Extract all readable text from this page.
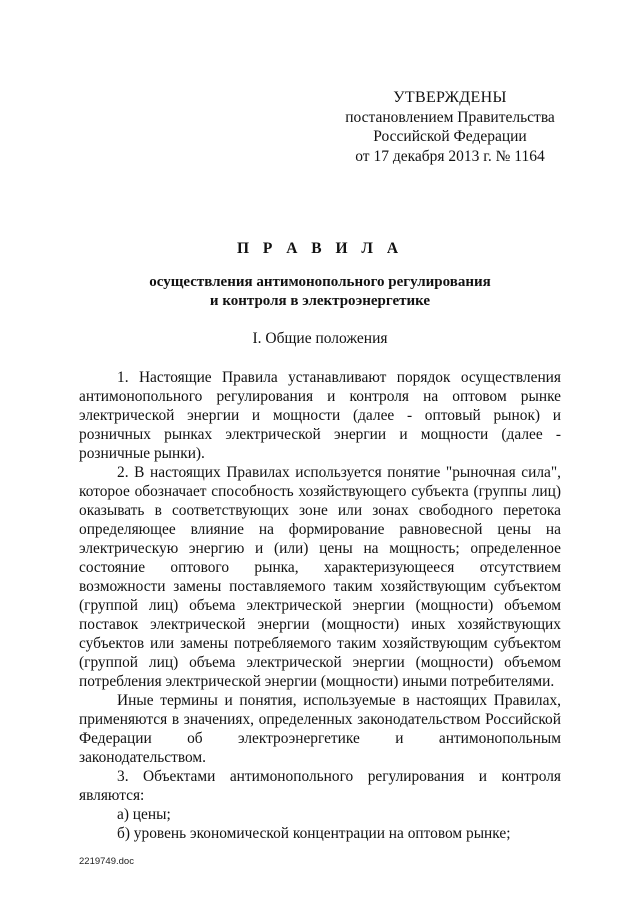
УТВЕРЖДЕНЫ
постановлением Правительства
Российской Федерации
от 17 декабря 2013 г. № 1164
П Р А В И Л А
осуществления антимонопольного регулирования
и контроля в электроэнергетике
I. Общие положения

1. Настоящие Правила устанавливают порядок осуществления антимонопольного регулирования и контроля на оптовом рынке электрической энергии и мощности (далее - оптовый рынок) и розничных рынках электрической энергии и мощности (далее - розничные рынки).

2. В настоящих Правилах используется понятие "рыночная сила", которое обозначает способность хозяйствующего субъекта (группы лиц) оказывать в соответствующих зоне или зонах свободного перетока определяющее влияние на формирование равновесной цены на электрическую энергию и (или) цены на мощность; определенное состояние оптового рынка, характеризующееся отсутствием возможности замены поставляемого таким хозяйствующим субъектом (группой лиц) объема электрической энергии (мощности) объемом поставок электрической энергии (мощности) иных хозяйствующих субъектов или замены потребляемого таким хозяйствующим субъектом (группой лиц) объема электрической энергии (мощности) объемом потребления электрической энергии (мощности) иными потребителями.

Иные термины и понятия, используемые в настоящих Правилах, применяются в значениях, определенных законодательством Российской Федерации об электроэнергетике и антимонопольным законодательством.

3. Объектами антимонопольного регулирования и контроля являются:

а) цены;

б) уровень экономической концентрации на оптовом рынке;

2219749.doc
